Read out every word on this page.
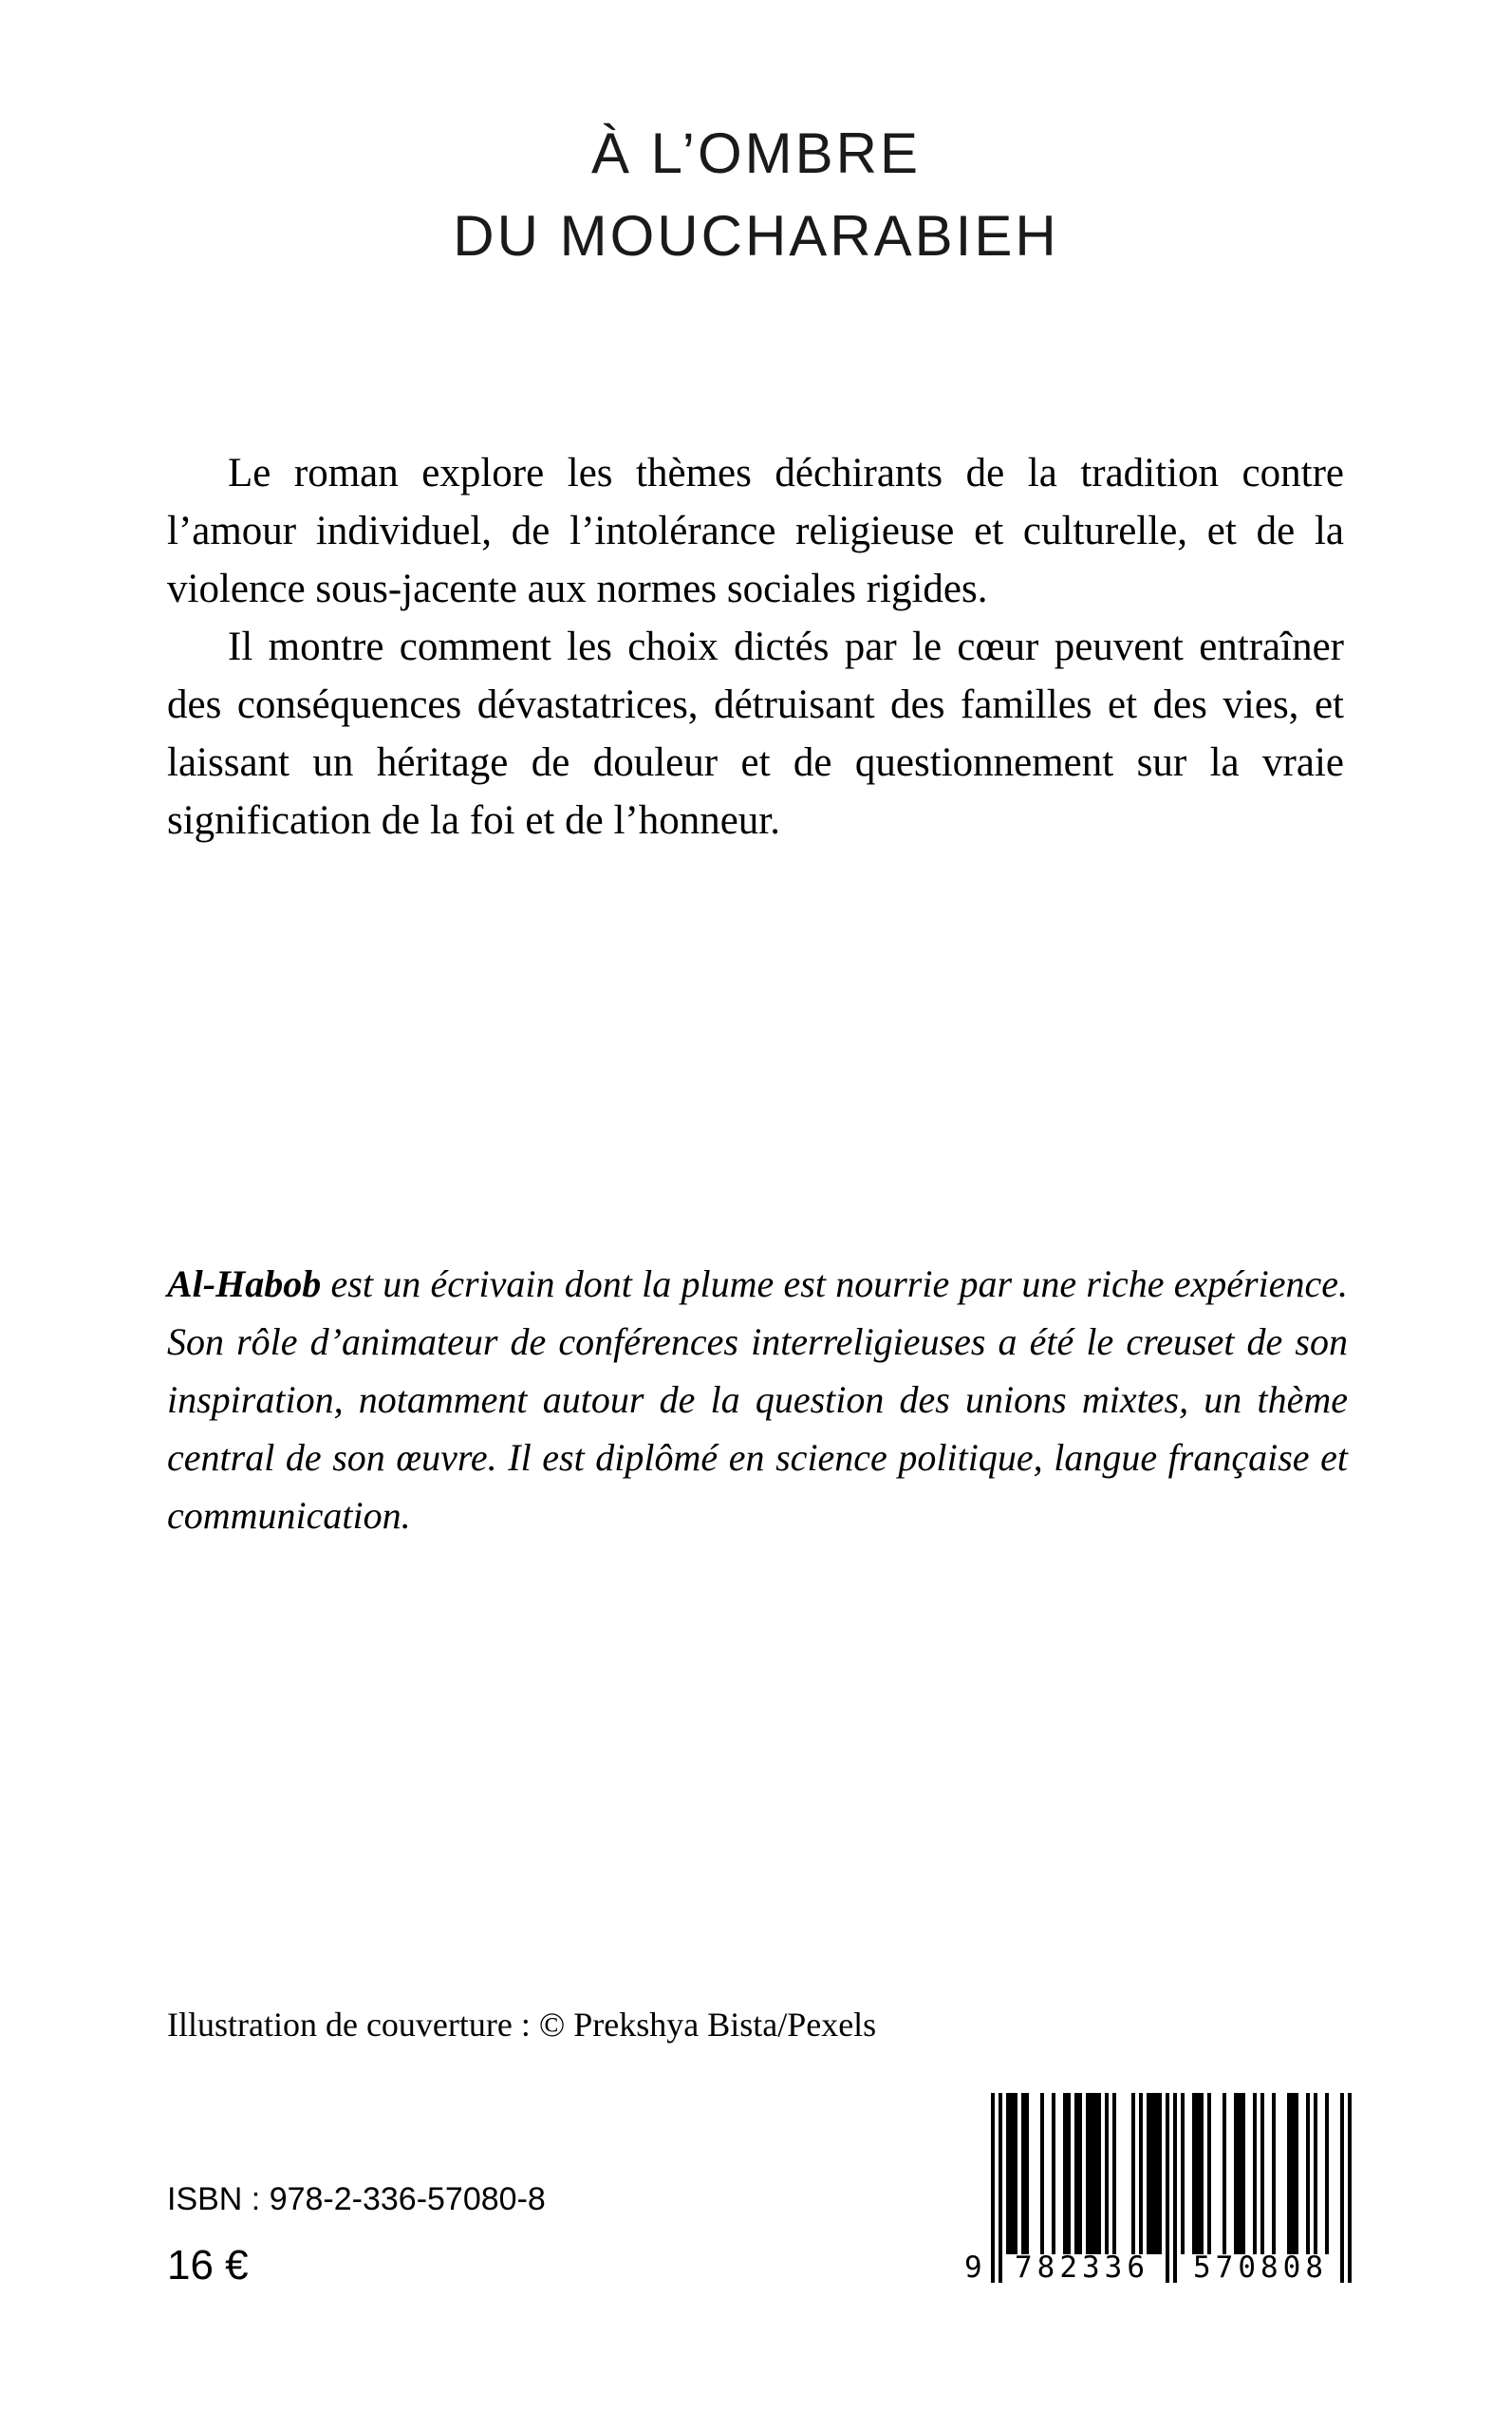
À L’OMBRE
DU MOUCHARABIEH

Le roman explore les thèmes déchirants de la tradition contre l’amour individuel, de l’intolérance religieuse et culturelle, et de la violence sous-jacente aux normes sociales rigides.

Il montre comment les choix dictés par le cœur peuvent entraîner des conséquences dévastatrices, détruisant des familles et des vies, et laissant un héritage de douleur et de questionnement sur la vraie signification de la foi et de l’honneur.

Al-Habob est un écrivain dont la plume est nourrie par une riche expérience. Son rôle d’animateur de conférences interreligieuses a été le creuset de son inspiration, notamment autour de la question des unions mixtes, un thème central de son œuvre. Il est diplômé en science politique, langue française et communication.

Illustration de couverture : © Prekshya Bista/Pexels
9	782336	570808
ISBN : 978-2-336-57080-8
16 €
